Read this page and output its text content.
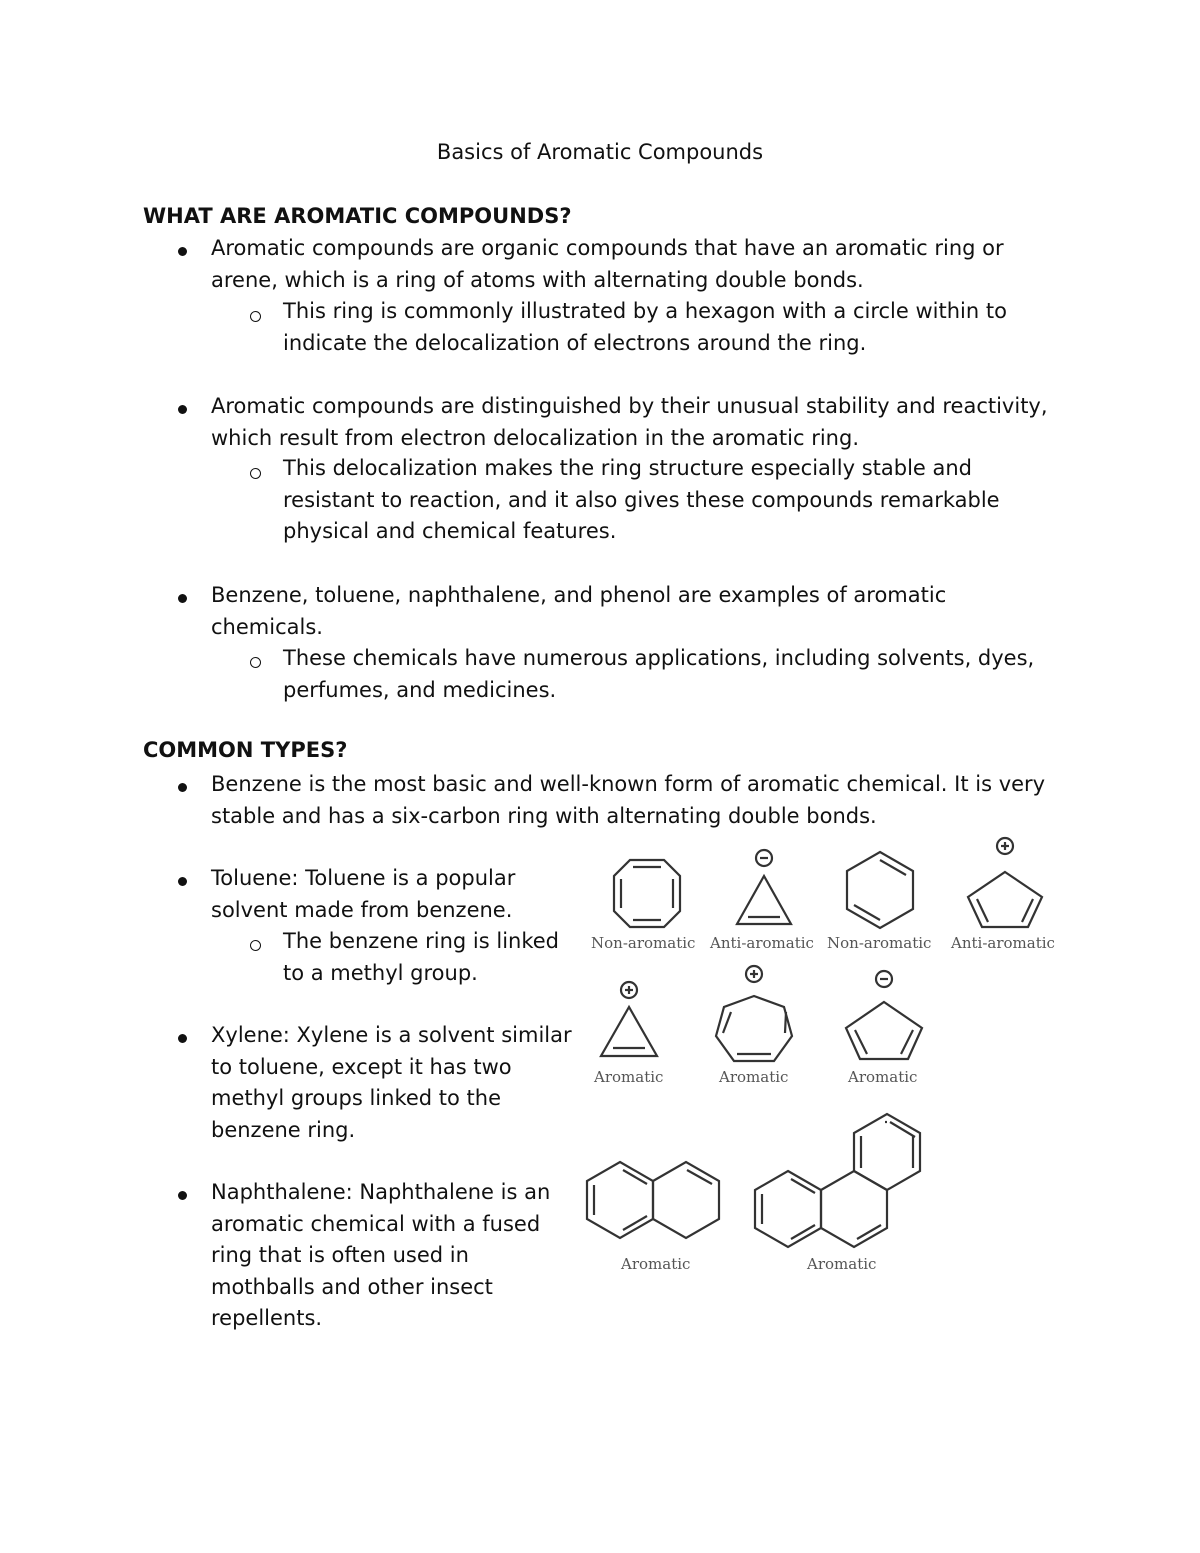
Basics of Aromatic Compounds
WHAT ARE AROMATIC COMPOUNDS?
Aromatic compounds are organic compounds that have an aromatic ring or arene, which is a ring of atoms with alternating double bonds.
This ring is commonly illustrated by a hexagon with a circle within to indicate the delocalization of electrons around the ring.
Aromatic compounds are distinguished by their unusual stability and reactivity, which result from electron delocalization in the aromatic ring.
This delocalization makes the ring structure especially stable and resistant to reaction, and it also gives these compounds remarkable physical and chemical features.
Benzene, toluene, naphthalene, and phenol are examples of aromatic chemicals.
These chemicals have numerous applications, including solvents, dyes, perfumes, and medicines.
COMMON TYPES?
Benzene is the most basic and well-known form of aromatic chemical. It is very stable and has a six-carbon ring with alternating double bonds.
Toluene: Toluene is a popular solvent made from benzene.
The benzene ring is linked to a methyl group.
Xylene: Xylene is a solvent similar to toluene, except it has two methyl groups linked to the benzene ring.
Naphthalene: Naphthalene is an aromatic chemical with a fused ring that is often used in mothballs and other insect repellents.
Non-aromatic Anti-aromatic Non-aromatic Anti-aromatic
Aromatic	Aromatic	Aromatic
Aromatic	Aromatic
